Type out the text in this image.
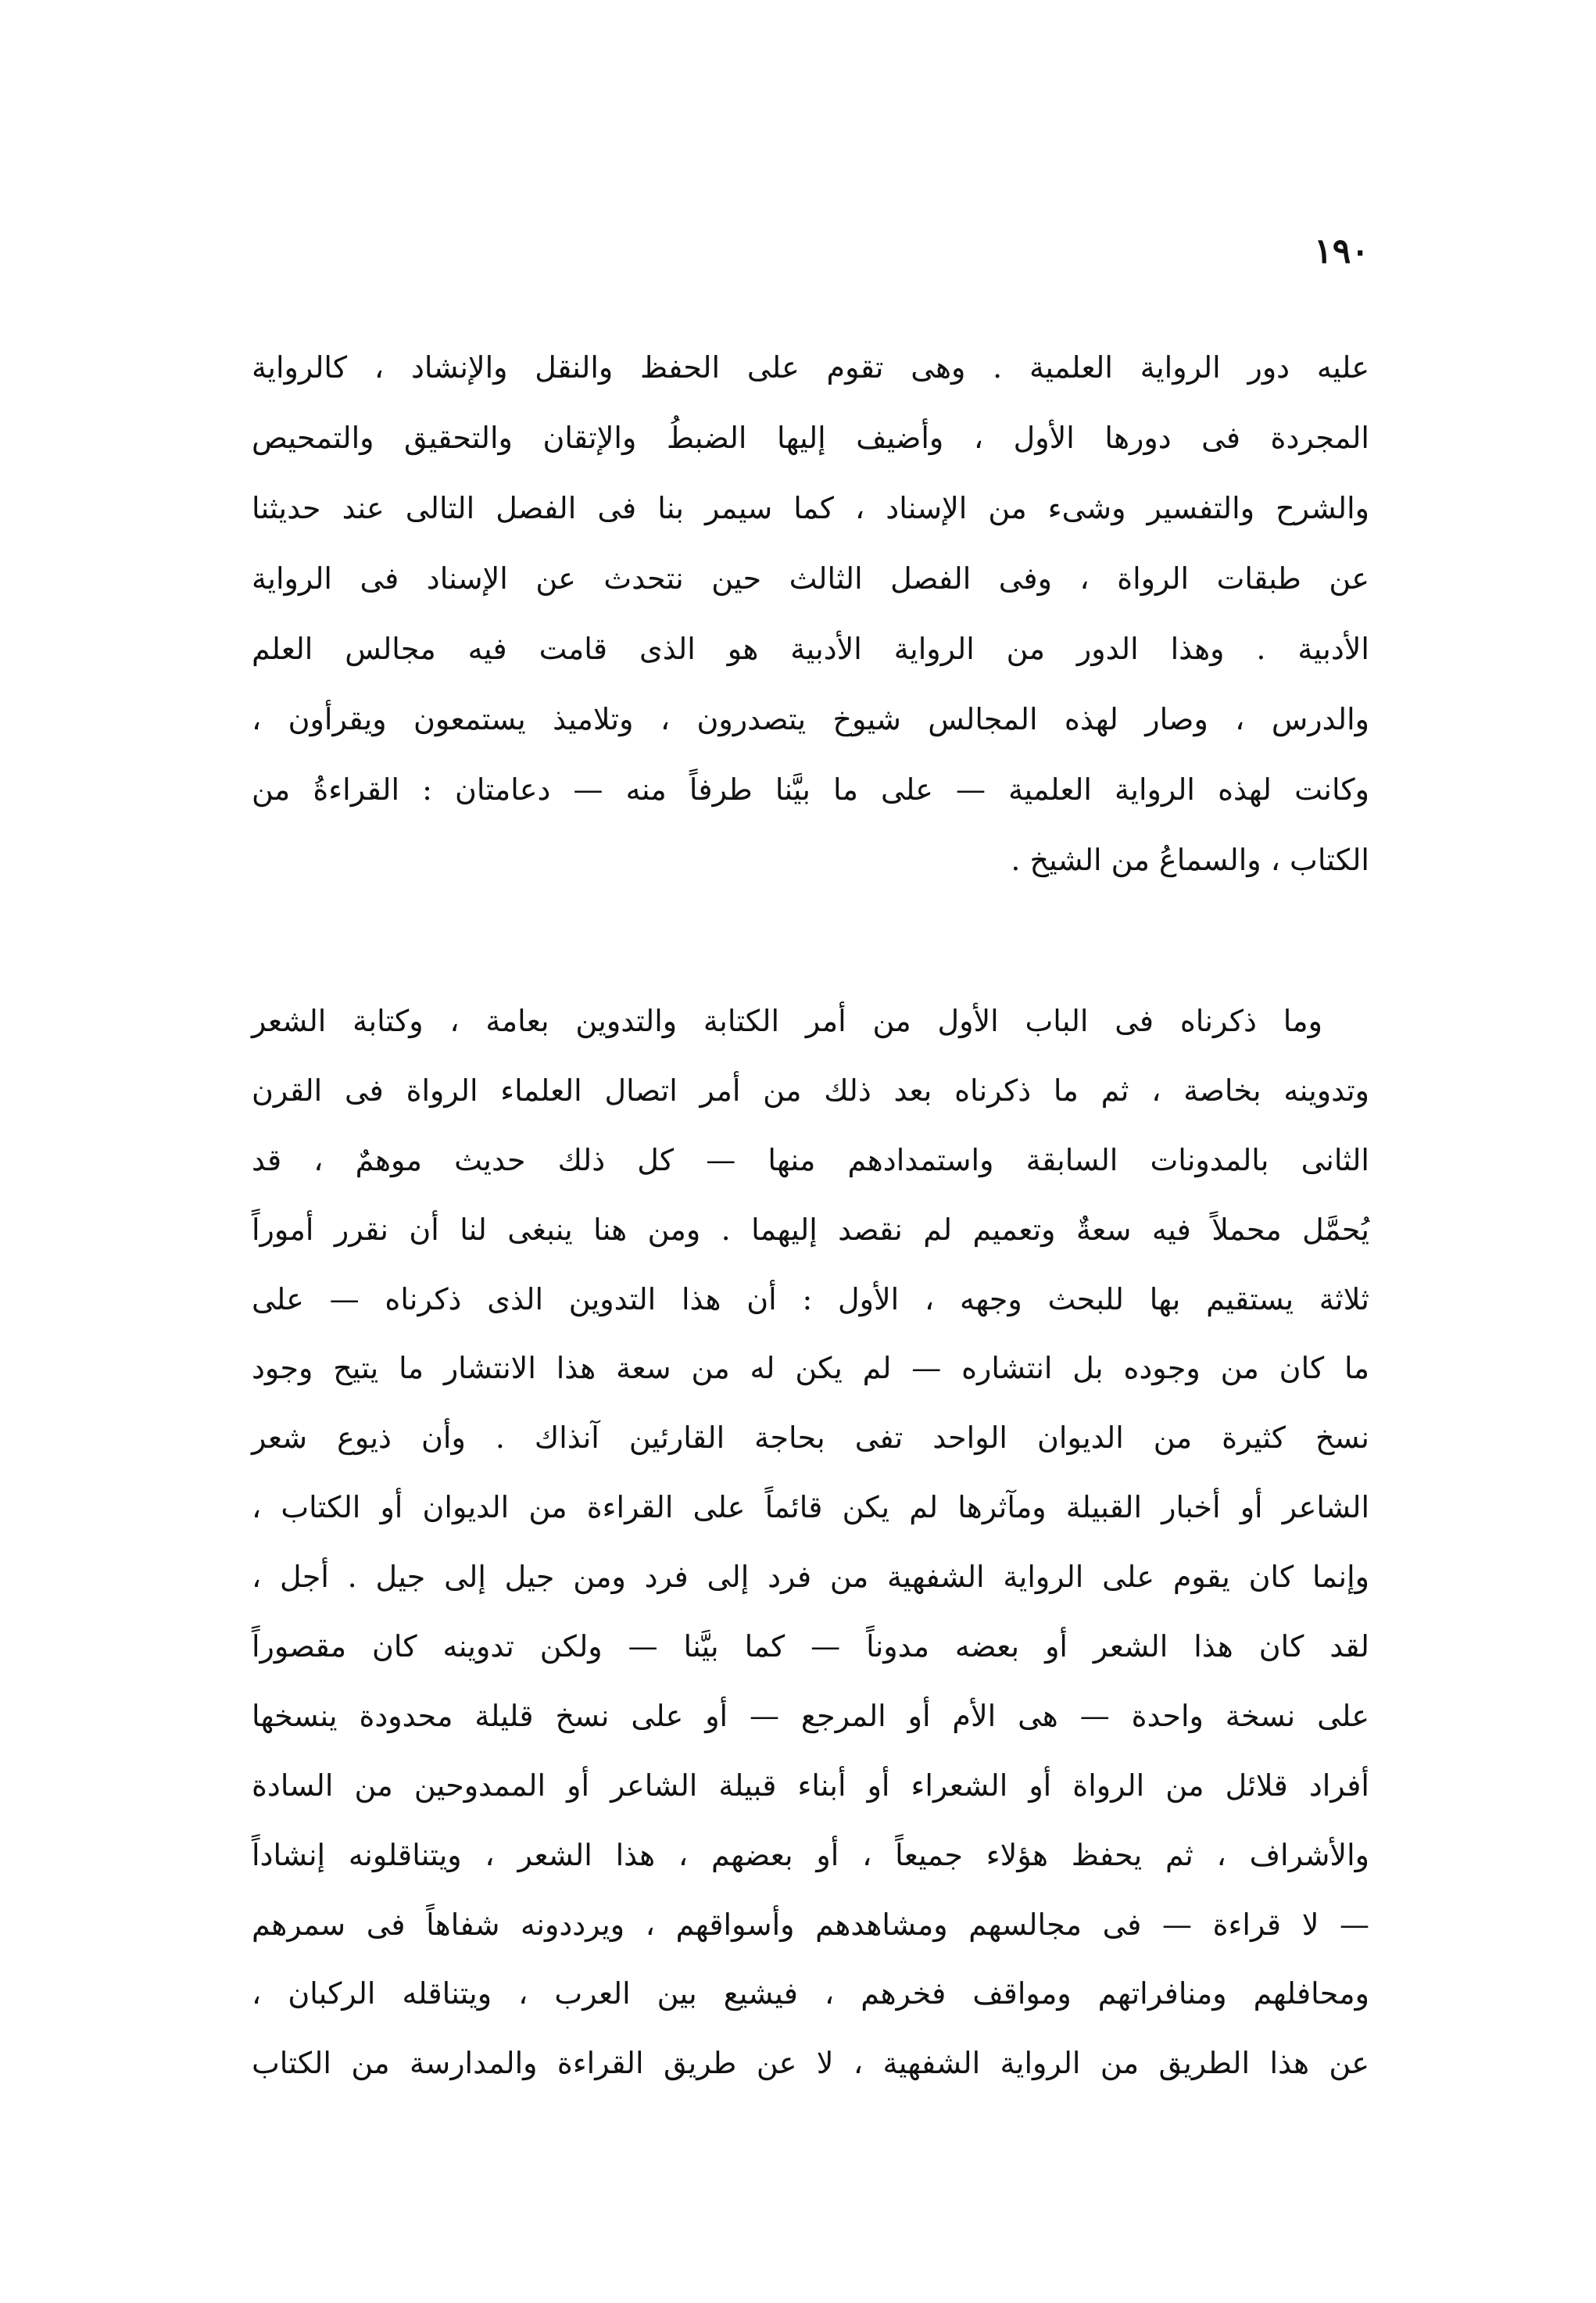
١٩٠
عليه دور الرواية العلمية . وهى تقوم على الحفظ والنقل والإنشاد ، كالرواية
المجردة فى دورها الأول ، وأضيف إليها الضبطُ والإتقان والتحقيق والتمحيص
والشرح والتفسير وشىء من الإسناد ، كما سيمر بنا فى الفصل التالى عند حديثنا
عن طبقات الرواة ، وفى الفصل الثالث حين نتحدث عن الإسناد فى الرواية
الأدبية . وهذا الدور من الرواية الأدبية هو الذى قامت فيه مجالس العلم
والدرس ، وصار لهذه المجالس شيوخ يتصدرون ، وتلاميذ يستمعون ويقرأون ،
وكانت لهذه الرواية العلمية — على ما بيَّنا طرفاً منه — دعامتان : القراءةُ من
الكتاب ، والسماعُ من الشيخ .
وما ذكرناه فى الباب الأول من أمر الكتابة والتدوين بعامة ، وكتابة الشعر
وتدوينه بخاصة ، ثم ما ذكرناه بعد ذلك من أمر اتصال العلماء الرواة فى القرن
الثانى بالمدونات السابقة واستمدادهم منها — كل ذلك حديث موهمٌ ، قد
يُحمَّل محملاً فيه سعةٌ وتعميم لم نقصد إليهما . ومن هنا ينبغى لنا أن نقرر أموراً
ثلاثة يستقيم بها للبحث وجهه ، الأول : أن هذا التدوين الذى ذكرناه — على
ما كان من وجوده بل انتشاره — لم يكن له من سعة هذا الانتشار ما يتيح وجود
نسخ كثيرة من الديوان الواحد تفى بحاجة القارئين آنذاك . وأن ذيوع شعر
الشاعر أو أخبار القبيلة ومآثرها لم يكن قائماً على القراءة من الديوان أو الكتاب ،
وإنما كان يقوم على الرواية الشفهية من فرد إلى فرد ومن جيل إلى جيل . أجل ،
لقد كان هذا الشعر أو بعضه مدوناً — كما بيَّنا — ولكن تدوينه كان مقصوراً
على نسخة واحدة — هى الأم أو المرجع — أو على نسخ قليلة محدودة ينسخها
أفراد قلائل من الرواة أو الشعراء أو أبناء قبيلة الشاعر أو الممدوحين من السادة
والأشراف ، ثم يحفظ هؤلاء جميعاً ، أو بعضهم ، هذا الشعر ، ويتناقلونه إنشاداً
— لا قراءة — فى مجالسهم ومشاهدهم وأسواقهم ، ويرددونه شفاهاً فى سمرهم
ومحافلهم ومنافراتهم ومواقف فخرهم ، فيشيع بين العرب ، ويتناقله الركبان ،
عن هذا الطريق من الرواية الشفهية ، لا عن طريق القراءة والمدارسة من الكتاب
